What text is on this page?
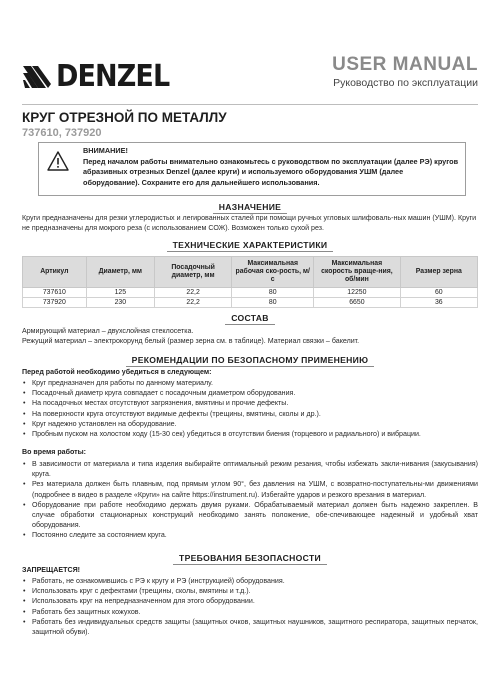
DENZEL	USER MANUAL
Руководство по эксплуатации
КРУГ ОТРЕЗНОЙ ПО МЕТАЛЛУ
737610, 737920
ВНИМАНИЕ!
Перед началом работы внимательно ознакомьтесь с руководством по эксплуатации (далее РЭ) кругов абразивных отрезных Denzel (далее круги) и используемого оборудования УШМ (далее оборудование). Сохраните его для дальнейшего использования.
НАЗНАЧЕНИЕ
Круги предназначены для резки углеродистых и легированных сталей при помощи ручных угловых шлифоваль-ных машин (УШМ). Круги не предназначены для мокрого реза (с использованием СОЖ). Возможен только сухой рез.
ТЕХНИЧЕСКИЕ ХАРАКТЕРИСТИКИ
Артикул	Диаметр, мм	Посадочный диаметр, мм	Максимальная рабочая ско-рость, м/с	Максимальная скорость враще-ния, об/мин	Размер зерна
737610	125	22,2	80	12250	60
737920	230	22,2	80	6650	36
СОСТАВ
Армирующий материал – двухслойная стеклосетка.
Режущий материал – электрокорунд белый (размер зерна см. в таблице). Материал связки – бакелит.
РЕКОМЕНДАЦИИ ПО БЕЗОПАСНОМУ ПРИМЕНЕНИЮ
Перед работой необходимо убедиться в следующем:
• Круг предназначен для работы по данному материалу.
• Посадочный диаметр круга совпадает с посадочным диаметром оборудования.
• На посадочных местах отсутствуют загрязнения, вмятины и прочие дефекты.
• На поверхности круга отсутствуют видимые дефекты (трещины, вмятины, сколы и др.).
• Круг надежно установлен на оборудование.
• Пробным пуском на холостом ходу (15-30 сек) убедиться в отсутствии биения (торцевого и радиального) и вибрации.
Во время работы:
• В зависимости от материала и типа изделия выбирайте оптимальный режим резания, чтобы избежать закли-нивания (закусывания) круга.
• Рез материала должен быть плавным, под прямым углом 90°, без давления на УШМ, с возвратно-поступательны-ми движениями (подробнее в видео в разделе «Круги» на сайте https://instrument.ru). Избегайте ударов и резкого врезания в материал.
• Оборудование при работе необходимо держать двумя руками. Обрабатываемый материал должен быть надежно закреплен. В случае обработки стационарных конструкций необходимо занять положение, обе-спечивающее надежный и удобный хват оборудования.
• Постоянно следите за состоянием круга.
ТРЕБОВАНИЯ БЕЗОПАСНОСТИ
ЗАПРЕЩАЕТСЯ!
• Работать, не ознакомившись с РЭ к кругу и РЭ (инструкцией) оборудования.
• Использовать круг с дефектами (трещины, сколы, вмятины и т.д.).
• Использовать круг на непредназначенном для этого оборудовании.
• Работать без защитных кожухов.
• Работать без индивидуальных средств защиты (защитных очков, защитных наушников, защитного респиратора, защитных перчаток, защитной обуви).
